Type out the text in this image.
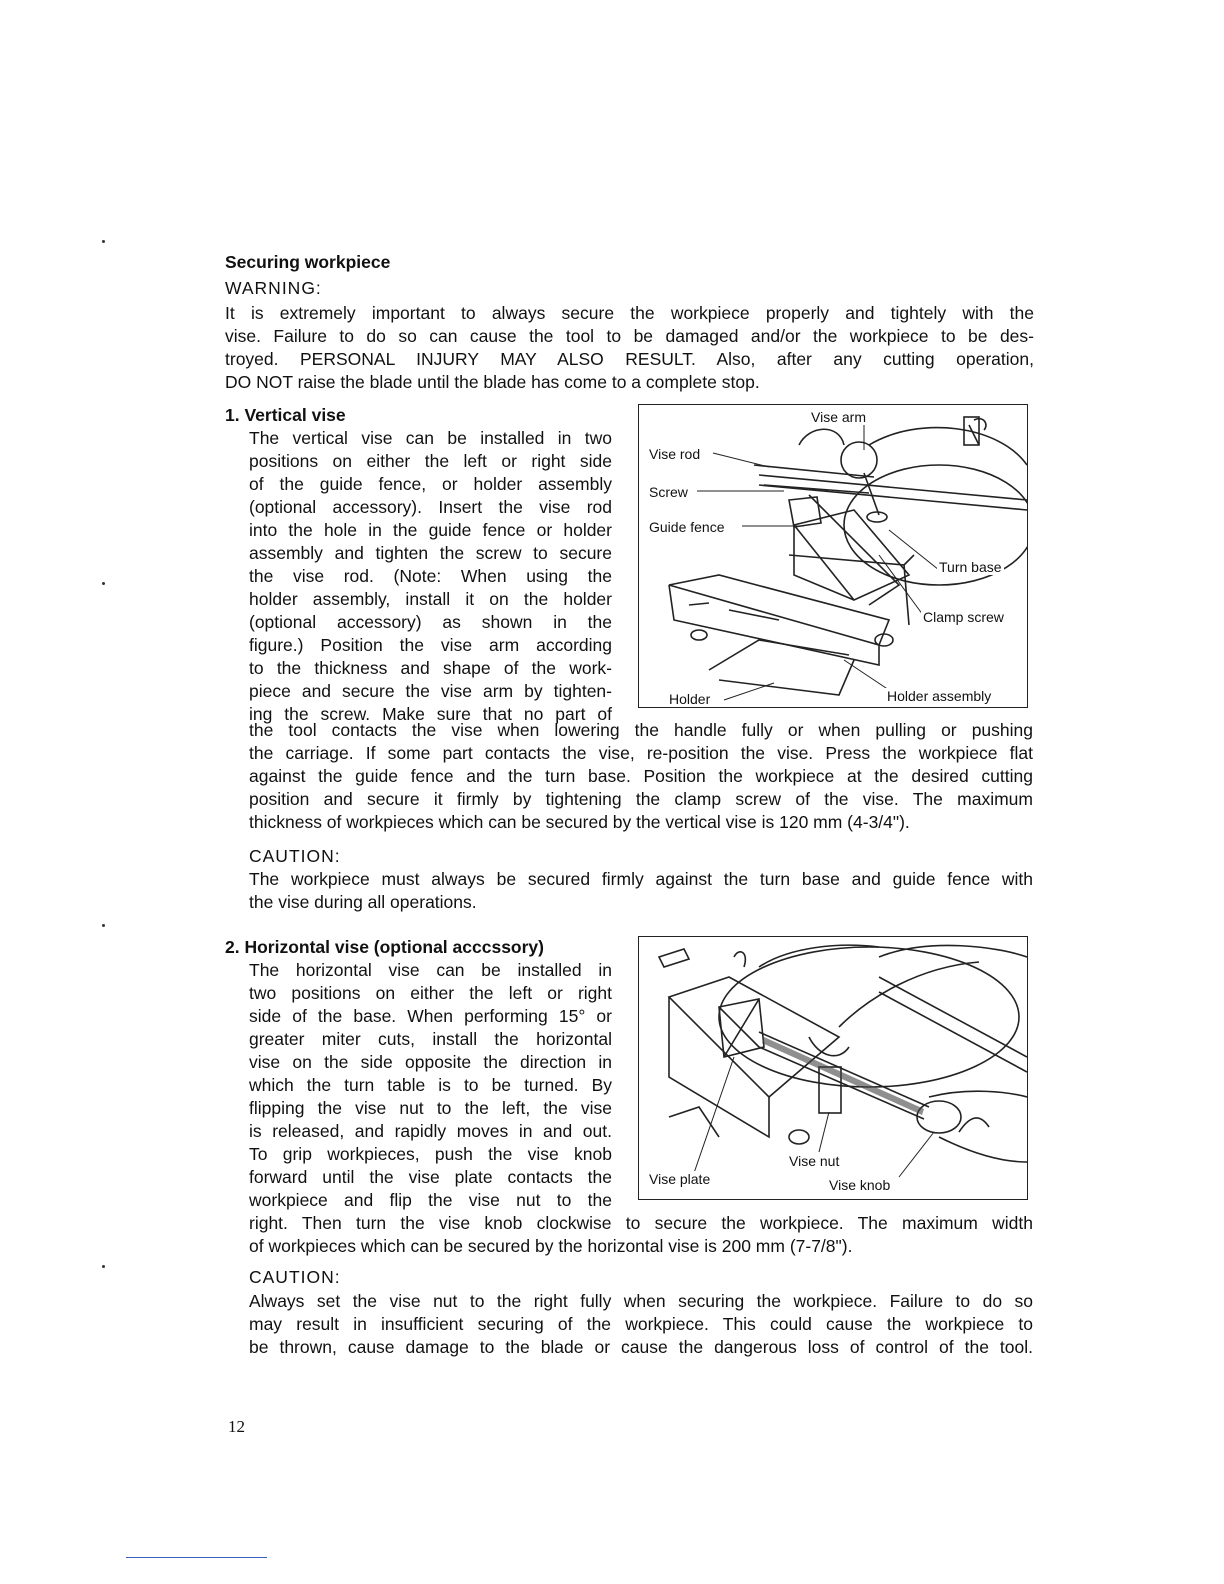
Securing workpiece
WARNING:
It is extremely important to always secure the workpiece properly and tightely with the
vise. Failure to do so can cause the tool to be damaged and/or the workpiece to be des-
troyed. PERSONAL INJURY MAY ALSO RESULT. Also, after any cutting operation,
DO NOT raise the blade until the blade has come to a complete stop.
1. Vertical vise
The vertical vise can be installed in two
positions on either the left or right side
of the guide fence, or holder assembly
(optional accessory). Insert the vise rod
into the hole in the guide fence or holder
assembly and tighten the screw to secure
the vise rod. (Note: When using the
holder assembly, install it on the holder
(optional accessory) as shown in the
figure.) Position the vise arm according
to the thickness and shape of the work-
piece and secure the vise arm by tighten-
ing the screw. Make sure that no part of
the tool contacts the vise when lowering the handle fully or when pulling or pushing
the carriage. If some part contacts the vise, re-position the vise. Press the workpiece flat
against the guide fence and the turn base. Position the workpiece at the desired cutting
position and secure it firmly by tightening the clamp screw of the vise. The maximum
thickness of workpieces which can be secured by the vertical vise is 120 mm (4-3/4").
Vise arm
Vise rod
Screw
Guide fence
Turn base
Clamp screw
Holder	Holder assembly
CAUTION:
The workpiece must always be secured firmly against the turn base and guide fence with
the vise during all operations.
2. Horizontal vise (optional acccssory)
The horizontal vise can be installed in
two positions on either the left or right
side of the base. When performing 15° or
greater miter cuts, install the horizontal
vise on the side opposite the direction in
which the turn table is to be turned. By
flipping the vise nut to the left, the vise
is released, and rapidly moves in and out.
To grip workpieces, push the vise knob
forward until the vise plate contacts the
workpiece and flip the vise nut to the
right. Then turn the vise knob clockwise to secure the workpiece. The maximum width
of workpieces which can be secured by the horizontal vise is 200 mm (7-7/8").
Vise nut
Vise plate	Vise knob
CAUTION:
Always set the vise nut to the right fully when securing the workpiece. Failure to do so
may result in insufficient securing of the workpiece. This could cause the workpiece to
be thrown, cause damage to the blade or cause the dangerous loss of control of the tool.
12
